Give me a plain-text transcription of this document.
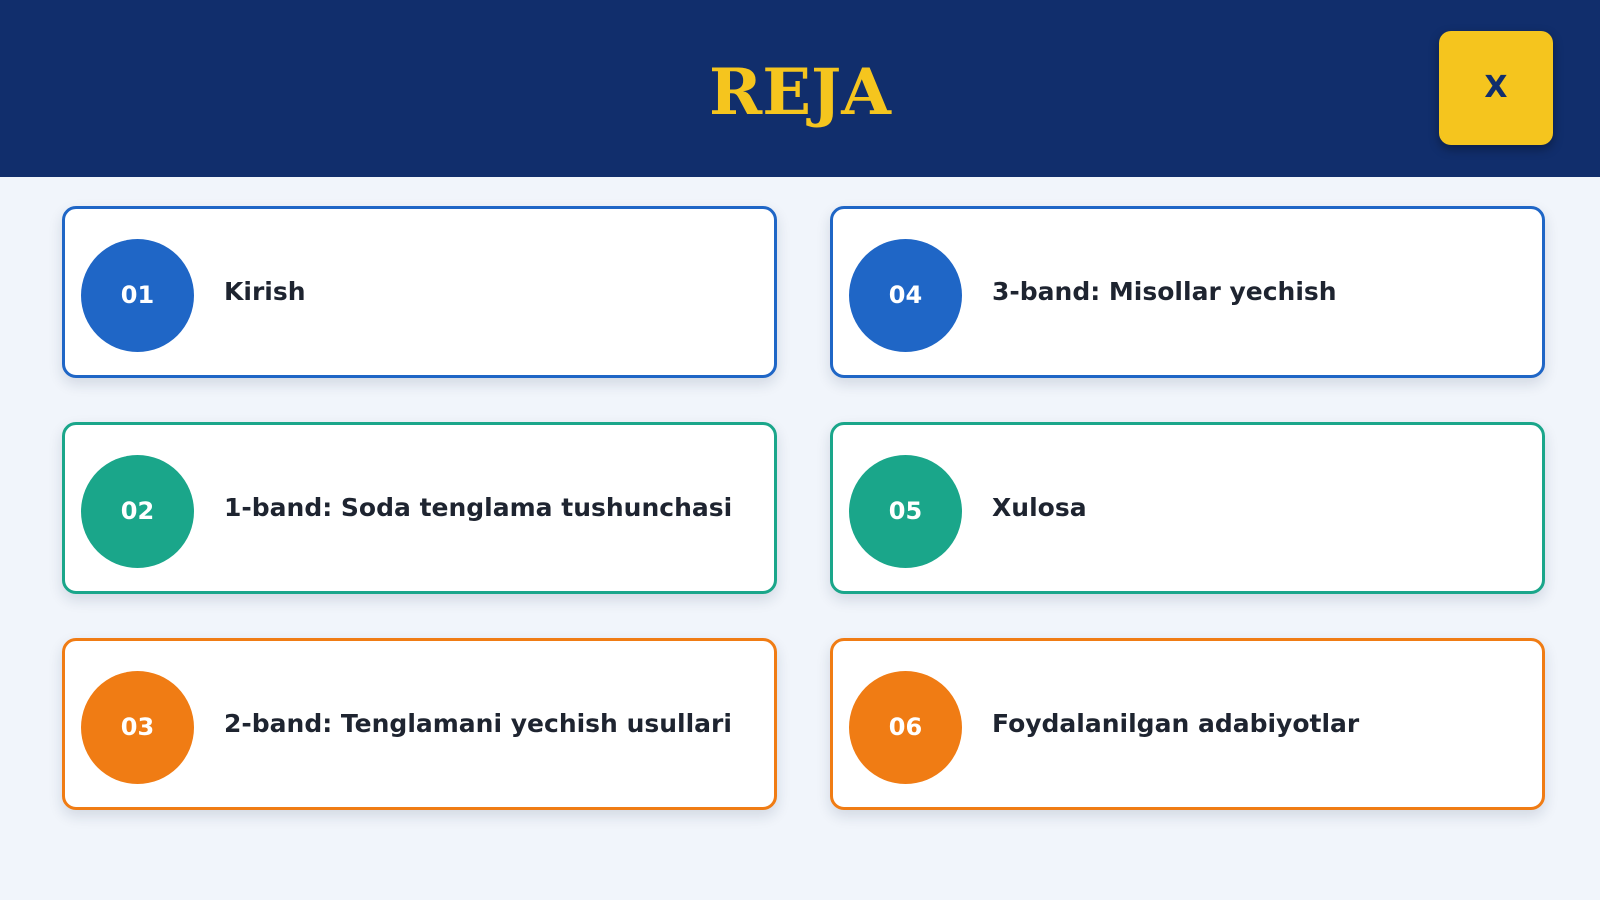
REJA	X
01	Kirish
02	1-band: Soda tenglama tushunchasi
03	2-band: Tenglamani yechish usullari
04	3-band: Misollar yechish
05	Xulosa
06	Foydalanilgan adabiyotlar
